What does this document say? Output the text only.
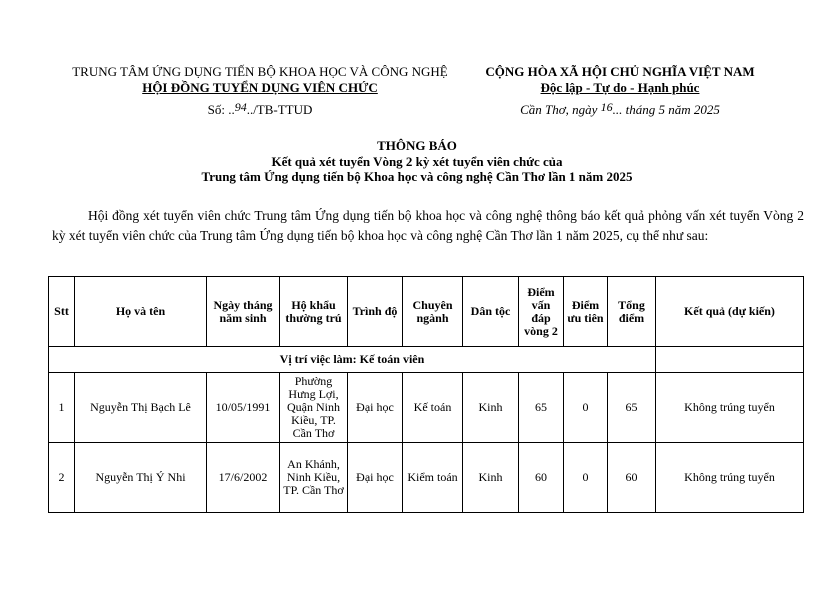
TRUNG TÂM ỨNG DỤNG TIẾN BỘ KHOA HỌC VÀ CÔNG NGHỆ
HỘI ĐỒNG TUYỂN DỤNG VIÊN CHỨC
Số: ..94../TB-TTUD
CỘNG HÒA XÃ HỘI CHỦ NGHĨA VIỆT NAM
Độc lập - Tự do - Hạnh phúc
Cần Thơ, ngày 16... tháng 5 năm 2025
THÔNG BÁO
Kết quả xét tuyển Vòng 2 kỳ xét tuyển viên chức của
Trung tâm Ứng dụng tiến bộ Khoa học và công nghệ Cần Thơ lần 1 năm 2025
Hội đồng xét tuyển viên chức Trung tâm Ứng dụng tiến bộ khoa học và công nghệ thông báo kết quả phỏng vấn xét tuyển Vòng 2 kỳ xét tuyển viên chức của Trung tâm Ứng dụng tiến bộ khoa học và công nghệ Cần Thơ lần 1 năm 2025, cụ thể như sau:
Stt	Họ và tên	Ngày tháng năm sinh	Hộ khẩu thường trú	Trình độ	Chuyên ngành	Dân tộc	Điểm vấn đáp vòng 2	Điểm ưu tiên	Tổng điểm	Kết quả (dự kiến)
Vị trí việc làm: Kế toán viên										
1	Nguyễn Thị Bạch Lê	10/05/1991	Phường Hưng Lợi, Quận Ninh Kiều, TP. Cần Thơ	Đại học	Kế toán	Kinh	65	0	65	Không trúng tuyển
2	Nguyễn Thị Ý Nhi	17/6/2002	An Khánh, Ninh Kiều, TP. Cần Thơ	Đại học	Kiểm toán	Kinh	60	0	60	Không trúng tuyển
